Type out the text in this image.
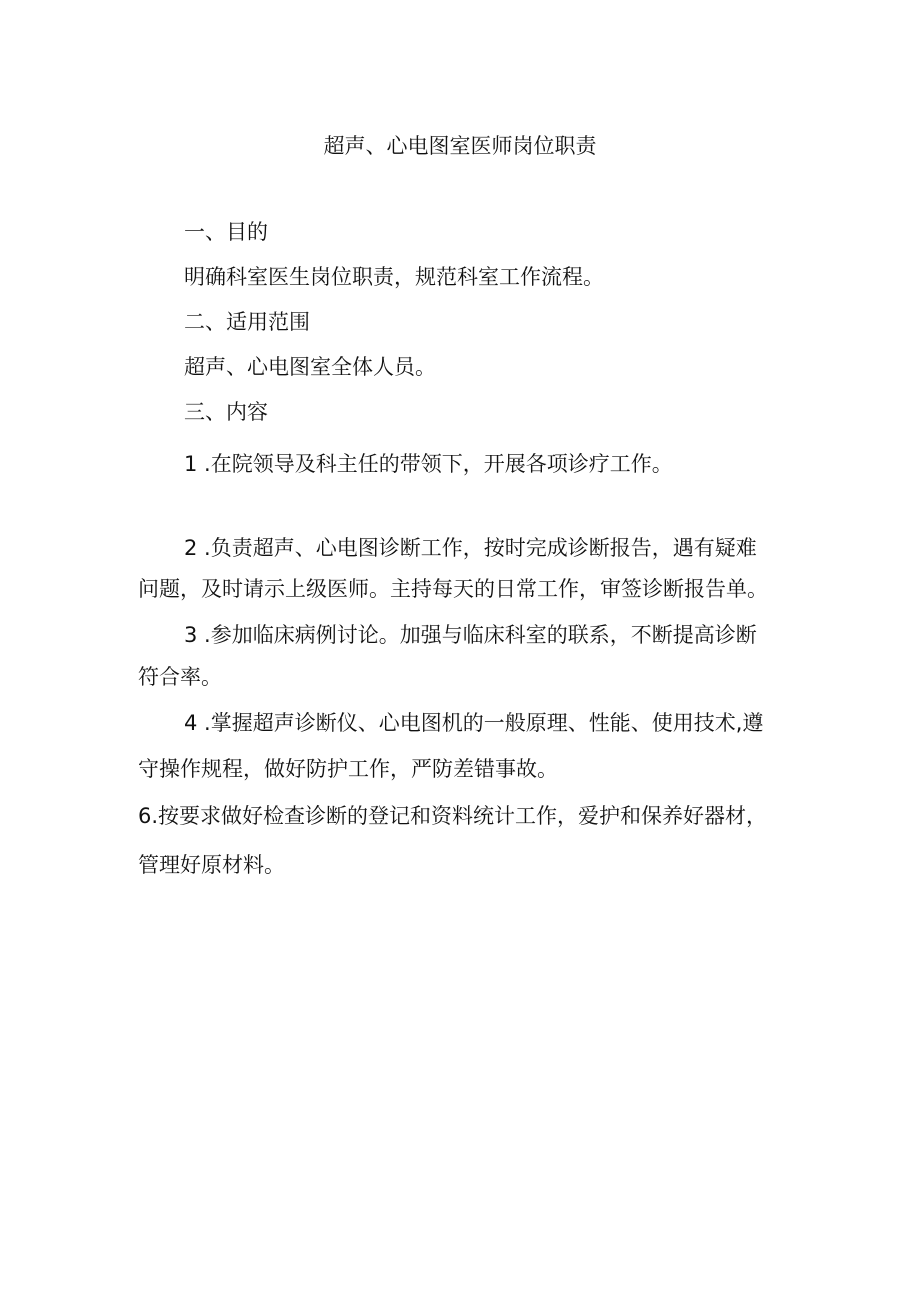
超声、心电图室医师岗位职责
一、目的
明确科室医生岗位职责，规范科室工作流程。
二、适用范围
超声、心电图室全体人员。
三、内容
1 .在院领导及科主任的带领下，开展各项诊疗工作。
2 .负责超声、心电图诊断工作，按时完成诊断报告，遇有疑难
问题，及时请示上级医师。主持每天的日常工作，审签诊断报告单。
3 .参加临床病例讨论。加强与临床科室的联系，不断提高诊断
符合率。
4 .掌握超声诊断仪、心电图机的一般原理、性能、使用技术,遵
守操作规程，做好防护工作，严防差错事故。
6.按要求做好检查诊断的登记和资料统计工作，爱护和保养好器材，
管理好原材料。
